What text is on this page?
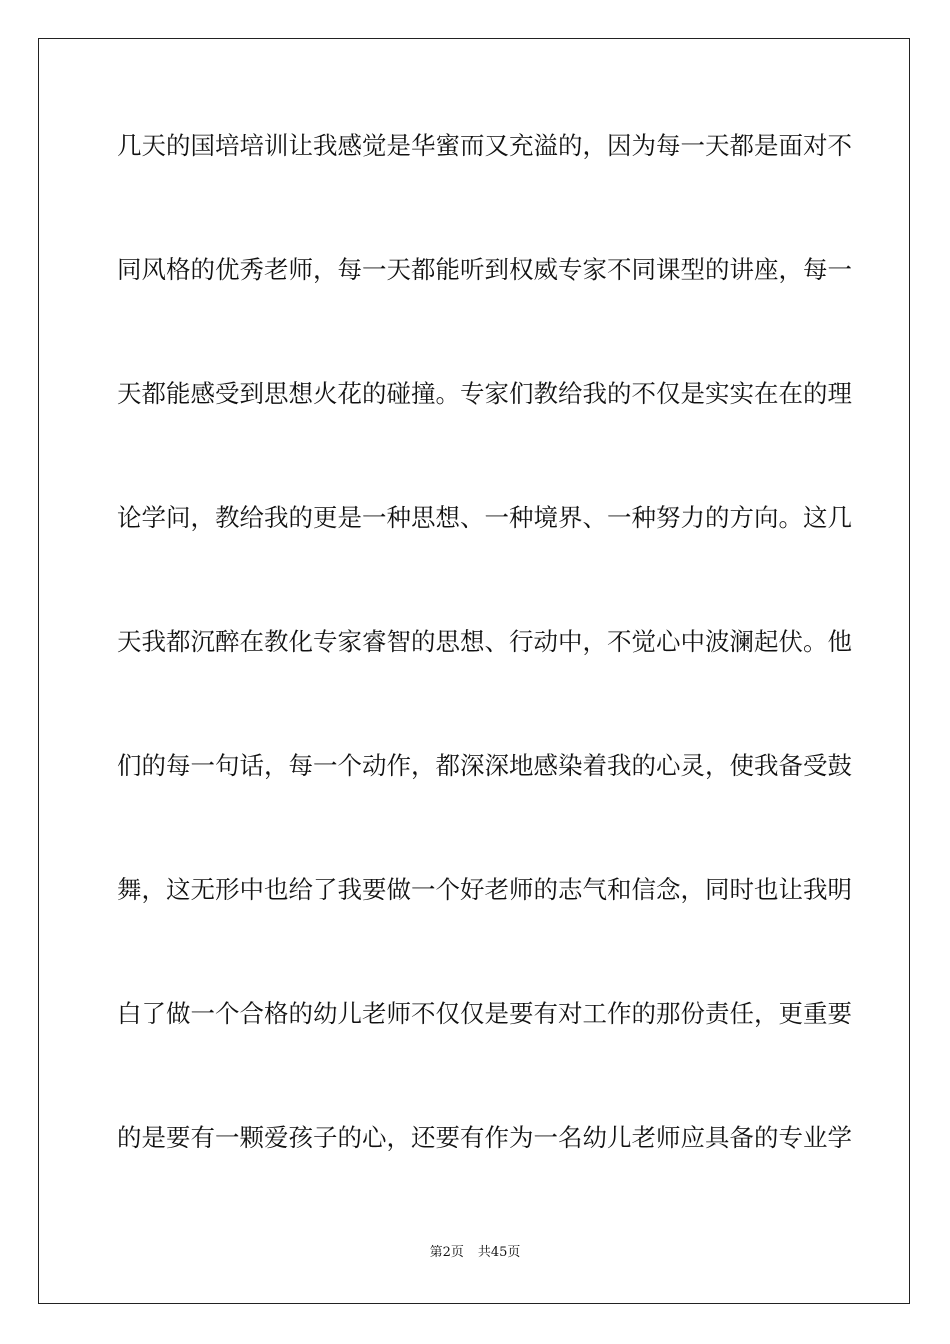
几天的国培培训让我感觉是华蜜而又充溢的，因为每一天都是面对不
同风格的优秀老师，每一天都能听到权威专家不同课型的讲座，每一
天都能感受到思想火花的碰撞。专家们教给我的不仅是实实在在的理
论学问，教给我的更是一种思想、一种境界、一种努力的方向。这几
天我都沉醉在教化专家睿智的思想、行动中，不觉心中波澜起伏。他
们的每一句话，每一个动作，都深深地感染着我的心灵，使我备受鼓
舞，这无形中也给了我要做一个好老师的志气和信念，同时也让我明
白了做一个合格的幼儿老师不仅仅是要有对工作的那份责任，更重要
的是要有一颗爱孩子的心，还要有作为一名幼儿老师应具备的专业学
第2页 共45页
